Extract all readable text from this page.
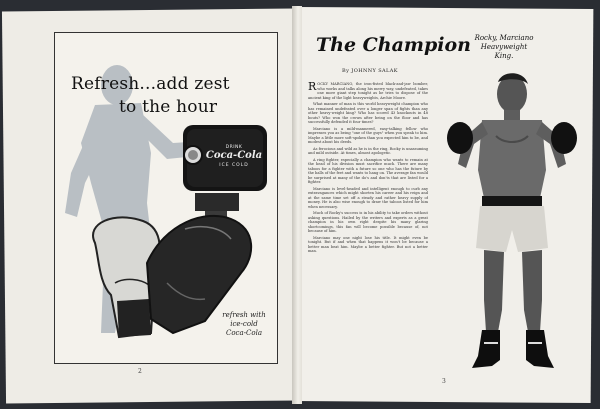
Refresh...add zest
to the hour
DRINK
Coca-Cola
ICE COLD
refresh with
ice-cold
Coca-Cola
2
The Champion Rocky, Marciano
Heavyweight
King.
By JOHNNY SALAK

ROCKY MARCIANO, the iron-fisted black-and-jaw bomber, who works and talks along his merry way, undefeated, takes one more giant step tonight as he tries to dispose of the ancient king of the light heavyweights, Archie Moore.

What manner of man is this world heavyweight champion who has remained undefeated over a longer span of fights than any other heavy-weight king? Who has scored 43 knockouts in 48 bouts? Who won the crown after being on the floor and has successfully defended it four times?

Marciano is a mild-mannered, easy-talking fellow who impresses you as being "one of the guys" when you speak to him. Maybe a little more soft-spoken than you expected him to be, and modest about his deeds.

As ferocious and wild as he is in the ring, Rocky is unassuming and mild outside. At times, almost apologetic.

A ring fighter, especially a champion who wants to remain at the head of his division must sacrifice much. There are many taboos for a fighter with a future so one who has the future by the balls of the feet and wants to hang on. The average fan would be surprised at many of the do's and don'ts that are listed for a fighter.

Marciano is level-headed and intelligent enough to curb any extravagances which might shorten his career and his reign and at the same time set off a steady and rather heavy supply of money. He is also wise enough to draw the taboos listed for him when necessary.

Much of Rocky's success is in his ability to take orders without asking questions. Hailed by the writers and experts as a great champion in his own right despite his many glaring shortcomings, this fan will become possible because of, not because of him.

Marciano may one night lose his title. It might even be tonight. But if and when that happens it won't be because a better man beat him. Maybe a better fighter. But not a better man.

3
